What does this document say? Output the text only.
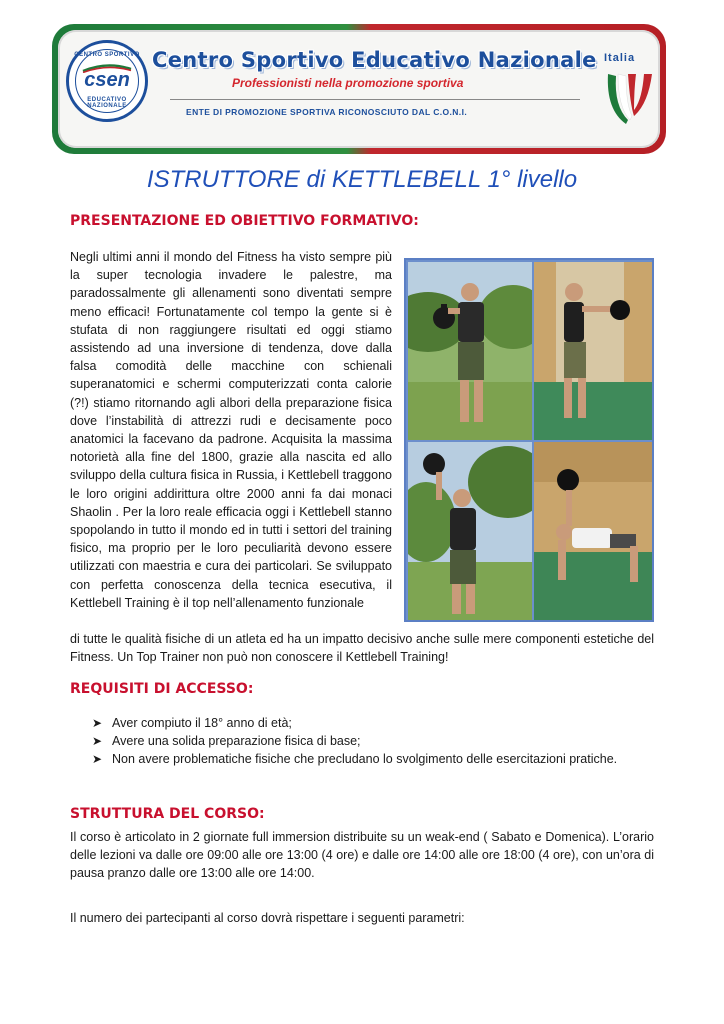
CENTRO SPORTIVO
csen
EDUCATIVO NAZIONALE
Centro Sportivo Educativo Nazionale
Professionisti nella promozione sportiva
ENTE DI PROMOZIONE SPORTIVA RICONOSCIUTO DAL C.O.N.I.
Italia
ISTRUTTORE di KETTLEBELL 1° livello
PRESENTAZIONE ED OBIETTIVO FORMATIVO:
Negli ultimi anni il mondo del Fitness ha visto sempre più la super tecnologia invadere le palestre, ma paradossalmente gli allenamenti sono diventati sempre meno efficaci! Fortunatamente col tempo la gente si è stufata di non raggiungere risultati ed oggi stiamo assistendo ad una inversione di tendenza, dove dalla falsa comodità delle macchine con schienali superanatomici e schermi computerizzati conta calorie (?!) stiamo ritornando agli albori della preparazione fisica dove l’instabilità di attrezzi rudi e decisamente poco anatomici la facevano da padrone. Acquisita la massima notorietà alla fine del 1800, grazie alla nascita ed allo sviluppo della cultura fisica in Russia, i Kettlebell traggono le loro origini addirittura oltre 2000 anni fa dai monaci Shaolin . Per la loro reale efficacia oggi i Kettlebell stanno spopolando in tutto il mondo ed in tutti i settori del training fisico, ma proprio per le loro peculiarità devono essere utilizzati con maestria e cura dei particolari. Se sviluppato con perfetta conoscenza della tecnica esecutiva, il Kettlebell Training è il top nell’allenamento funzionale
di tutte le qualità fisiche di un atleta ed ha un impatto decisivo anche sulle mere componenti estetiche del Fitness. Un Top Trainer non può non conoscere il Kettlebell Training!
REQUISITI DI ACCESSO:
➤ Aver compiuto il 18° anno di età;
➤ Avere una solida preparazione fisica di base;
➤ Non avere problematiche fisiche che precludano lo svolgimento delle esercitazioni pratiche.
STRUTTURA DEL CORSO:
Il corso è articolato in 2 giornate full immersion distribuite su un weak-end ( Sabato e Domenica). L’orario delle lezioni va dalle ore 09:00 alle ore 13:00 (4 ore) e dalle ore 14:00 alle ore 18:00 (4 ore), con un’ora di pausa pranzo dalle ore 13:00 alle ore 14:00.
Il numero dei partecipanti al corso dovrà rispettare i seguenti parametri:
